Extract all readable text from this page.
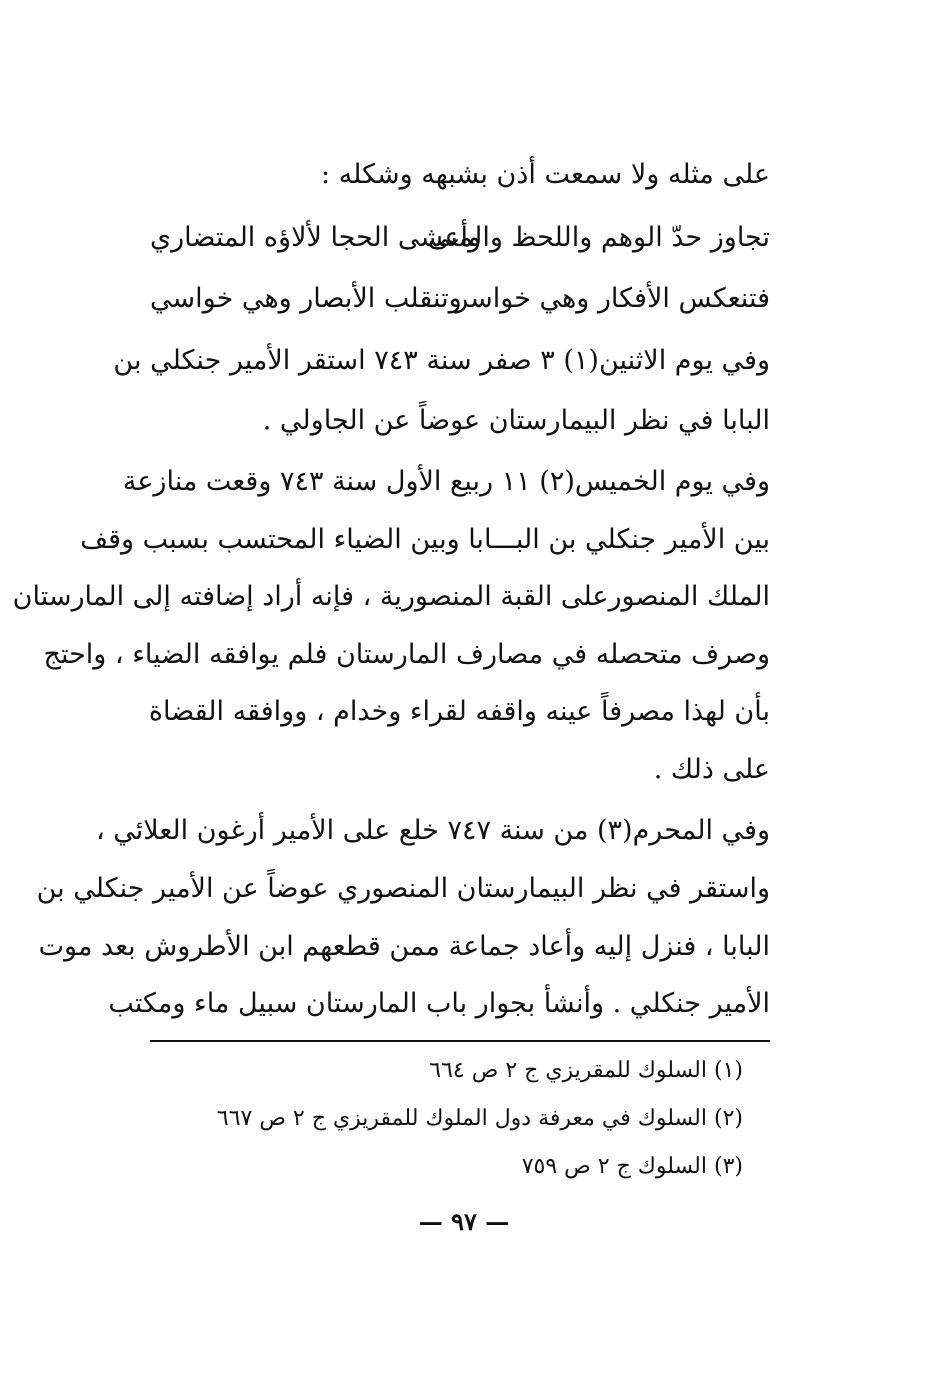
على مثله ولا سمعت أذن بشبهه وشكله :
تجاوز حدّ الوهم واللحظ والمنى
وأعشى الحجا لألاؤه المتضاري
فتنعكس الأفكار وهي خواسر
وتنقلب الأبصار وهي خواسي
وفي يوم الاثنين(١) ٣ صفر سنة ٧٤٣ استقر الأمير جنكلي بن
البابا في نظر البيمارستان عوضاً عن الجاولي .
وفي يوم الخميس(٢) ١١ ربيع الأول سنة ٧٤٣ وقعت منازعة
بين الأمير جنكلي بن البـــابا وبين الضياء المحتسب بسبب وقف
الملك المنصورعلى القبة المنصورية ، فإنه أراد إضافته إلى المارستان
وصرف متحصله في مصارف المارستان فلم يوافقه الضياء ، واحتج
بأن لهذا مصرفاً عينه واقفه لقراء وخدام ، ووافقه القضاة
على ذلك .
وفي المحرم(٣) من سنة ٧٤٧ خلع على الأمير أرغون العلائي ،
واستقر في نظر البيمارستان المنصوري عوضاً عن الأمير جنكلي بن
البابا ، فنزل إليه وأعاد جماعة ممن قطعهم ابن الأطروش بعد موت
الأمير جنكلي . وأنشأ بجوار باب المارستان سبيل ماء ومكتب
(١) السلوك للمقريزي ج ٢ ص ٦٦٤
(٢) السلوك في معرفة دول الملوك للمقريزي ج ٢ ص ٦٦٧
(٣) السلوك ج ٢ ص ٧٥٩
— ٩٧ —
